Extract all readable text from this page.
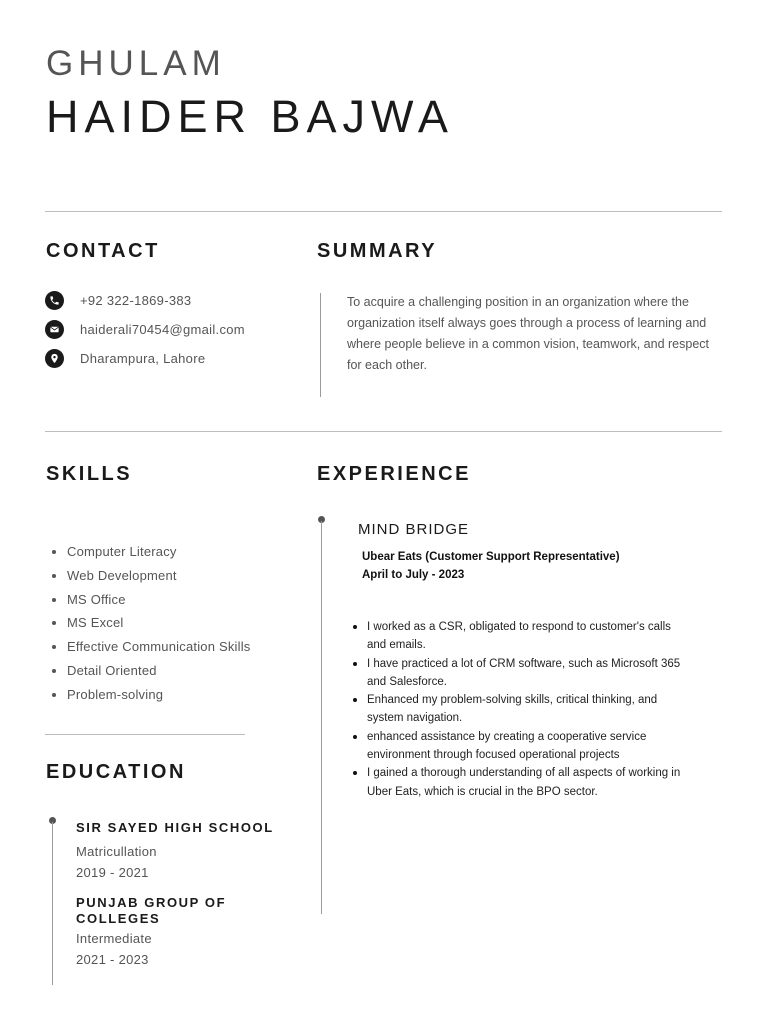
GHULAM
HAIDER BAJWA
CONTACT
+92 322-1869-383
haiderali70454@gmail.com
Dharampura, Lahore
SUMMARY
To acquire a challenging position in an organization where the organization itself always goes through a process of learning and where people believe in a common vision, teamwork, and respect for each other.
SKILLS
Computer Literacy
Web Development
MS Office
MS Excel
Effective Communication Skills
Detail Oriented
Problem-solving
EDUCATION
SIR SAYED HIGH SCHOOL
Matricullation
2019 - 2021
PUNJAB GROUP OF COLLEGES
Intermediate
2021 - 2023
EXPERIENCE
MIND BRIDGE
Ubear Eats (Customer Support Representative)
April to July - 2023
I worked as a CSR, obligated to respond to customer's calls and emails.
I have practiced a lot of CRM software, such as Microsoft 365 and Salesforce.
Enhanced my problem-solving skills, critical thinking, and system navigation.
enhanced assistance by creating a cooperative service environment through focused operational projects
I gained a thorough understanding of all aspects of working in Uber Eats, which is crucial in the BPO sector.
